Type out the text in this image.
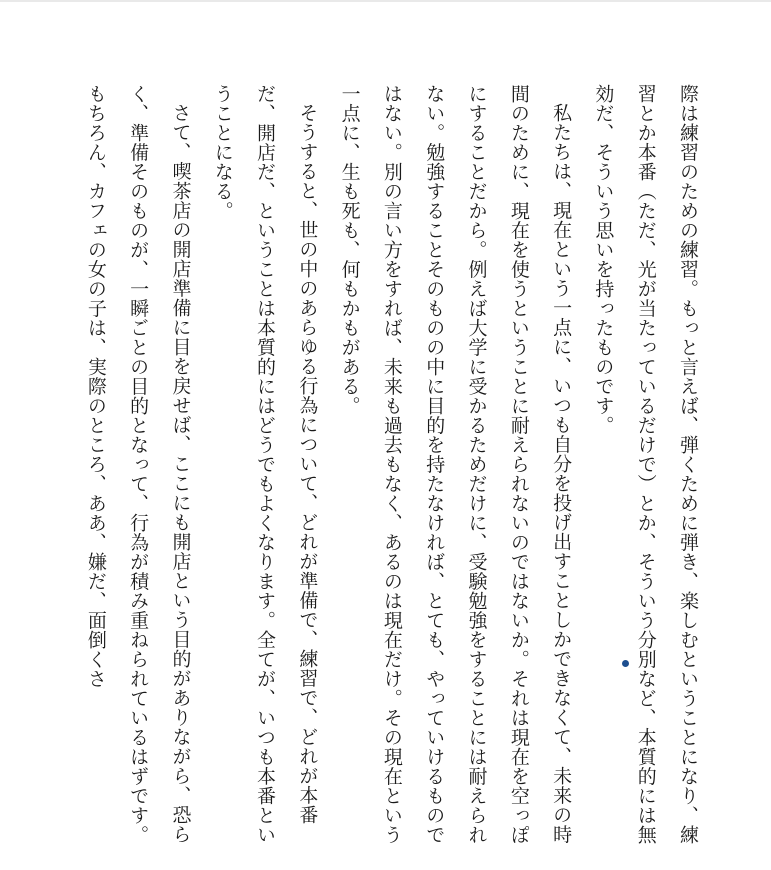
際は練習のための練習。もっと言えば、弾くために弾き、楽しむということになり、練習とか本番（ただ、光が当たっているだけで）とか、そういう分別など、本質的には無効だ、そういう思いを持ったものです。

私たちは、現在という一点に、いつも自分を投げ出すことしかできなくて、未来の時間のために、現在を使うということに耐えられないのではないか。それは現在を空っぽにすることだから。例えば大学に受かるためだけに、受験勉強をすることには耐えられない。勉強することそのものの中に目的を持たなければ、とても、やっていけるものではない。別の言い方をすれば、未来も過去もなく、あるのは現在だけ。その現在という一点に、生も死も、何もかもがある。

そうすると、世の中のあらゆる行為について、どれが準備で、練習で、どれが本番だ、開店だ、ということは本質的にはどうでもよくなります。全てが、いつも本番ということになる。

さて、喫茶店の開店準備に目を戻せば、ここにも開店という目的がありながら、恐らく、準備そのものが、一瞬ごとの目的となって、行為が積み重ねられているはずです。もちろん、カフェの女の子は、実際のところ、ああ、嫌だ、面倒くさ
